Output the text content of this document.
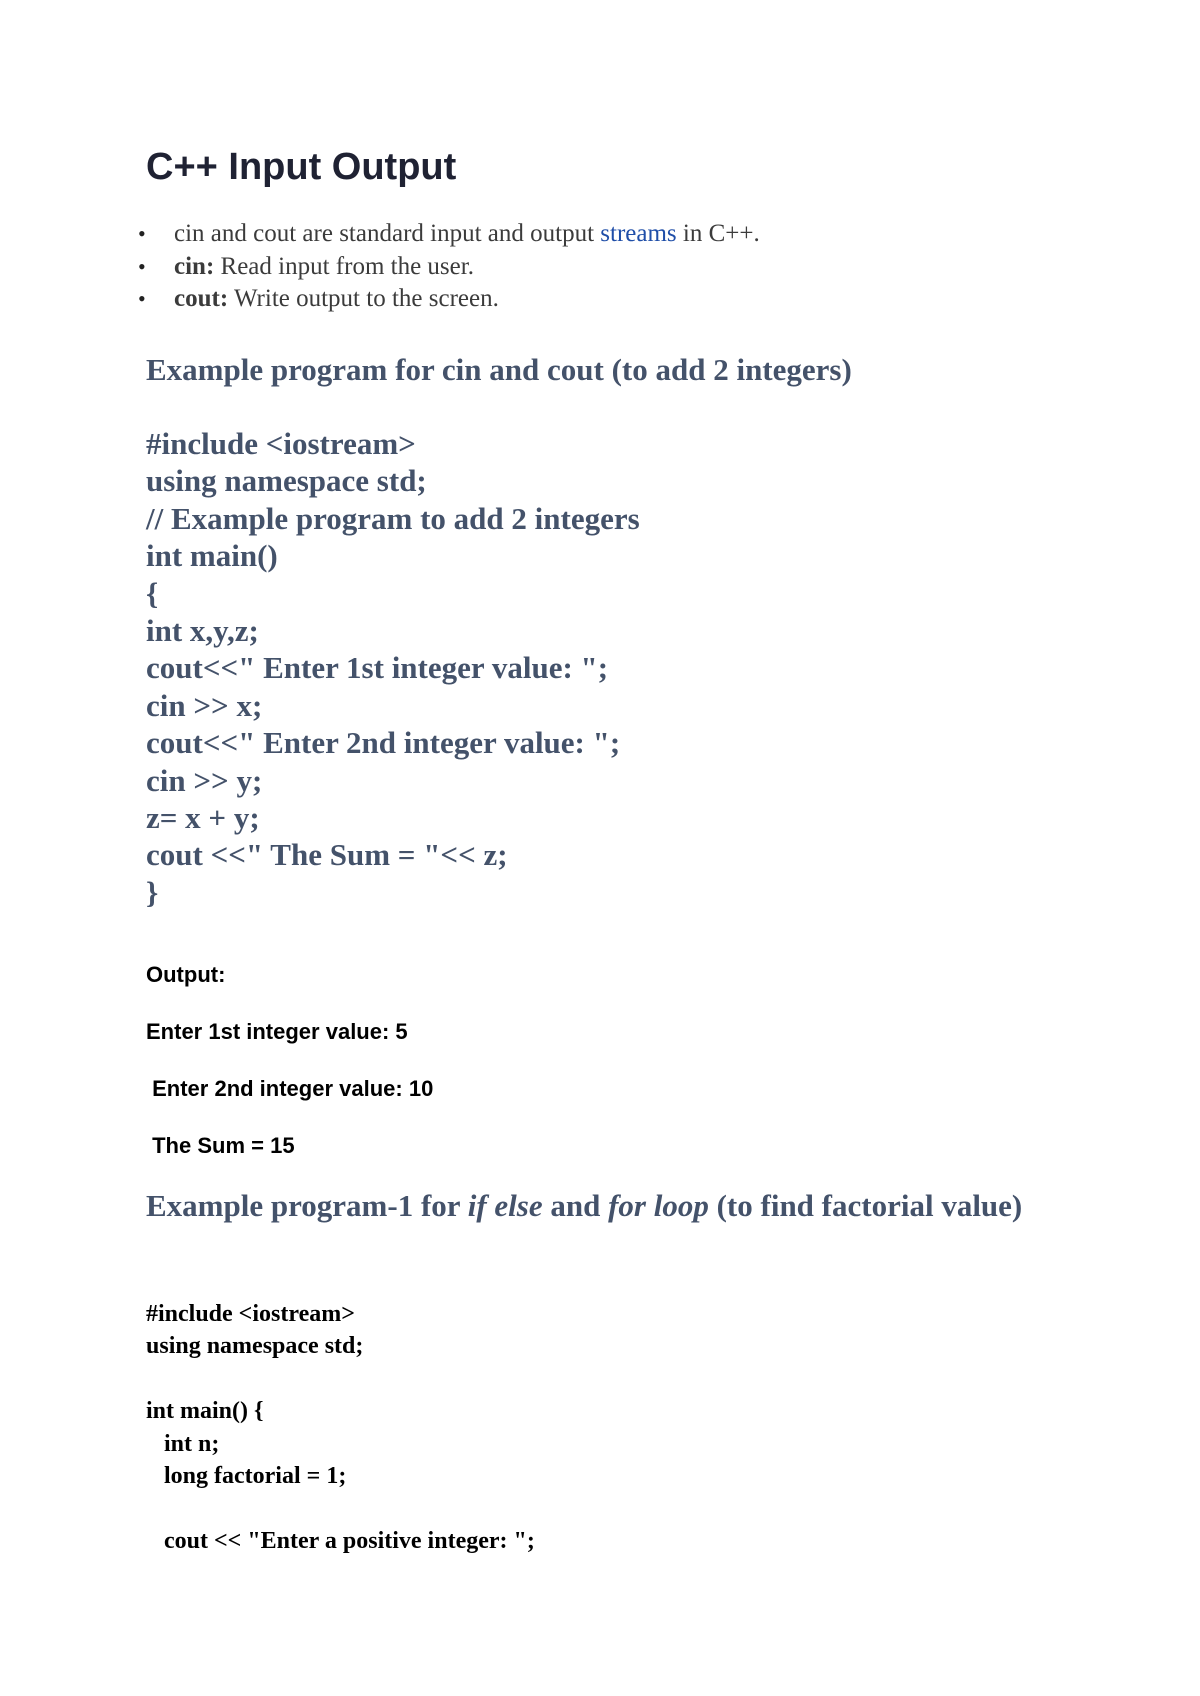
C++ Input Output
• cin and cout are standard input and output streams in C++.
• cin: Read input from the user.
• cout: Write output to the screen.
Example program for cin and cout (to add 2 integers)
#include <iostream>
using namespace std;
// Example program to add 2 integers
int main()
{
int x,y,z;
cout<<" Enter 1st integer value: ";
cin >> x;
cout<<" Enter 2nd integer value: ";
cin >> y;
z= x + y;
cout <<" The Sum = "<< z;
}
Output:
Enter 1st integer value: 5
Enter 2nd integer value: 10
The Sum = 15
Example program-1 for if else and for loop (to find factorial value)
#include <iostream>
using namespace std;

int main() {
int n;
long factorial = 1;

cout << "Enter a positive integer: ";
